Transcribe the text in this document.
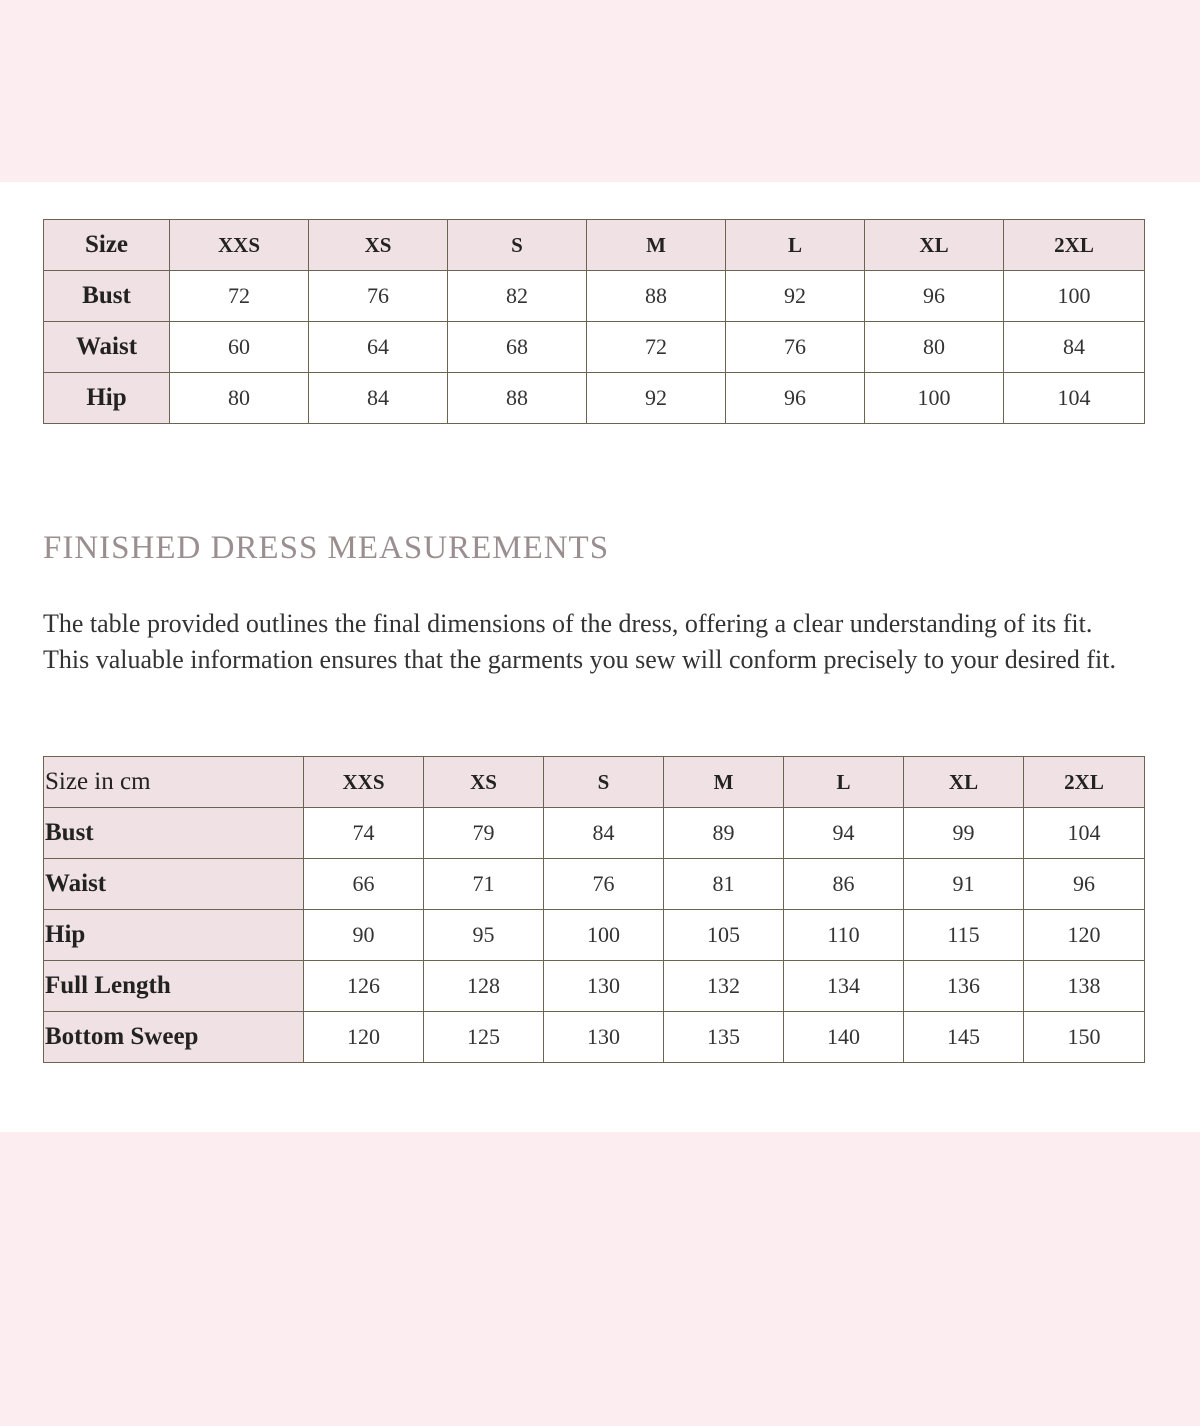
Size	XXS	XS	S	M	L	XL	2XL
Bust	72	76	82	88	92	96	100
Waist	60	64	68	72	76	80	84
Hip	80	84	88	92	96	100	104
FINISHED DRESS MEASUREMENTS

The table provided outlines the final dimensions of the dress, offering a clear understanding of its fit. This valuable information ensures that the garments you sew will conform precisely to your desired fit.

Size in cm	XXS	XS	S	M	L	XL	2XL
Bust	74	79	84	89	94	99	104
Waist	66	71	76	81	86	91	96
Hip	90	95	100	105	110	115	120
Full Length	126	128	130	132	134	136	138
Bottom Sweep	120	125	130	135	140	145	150
